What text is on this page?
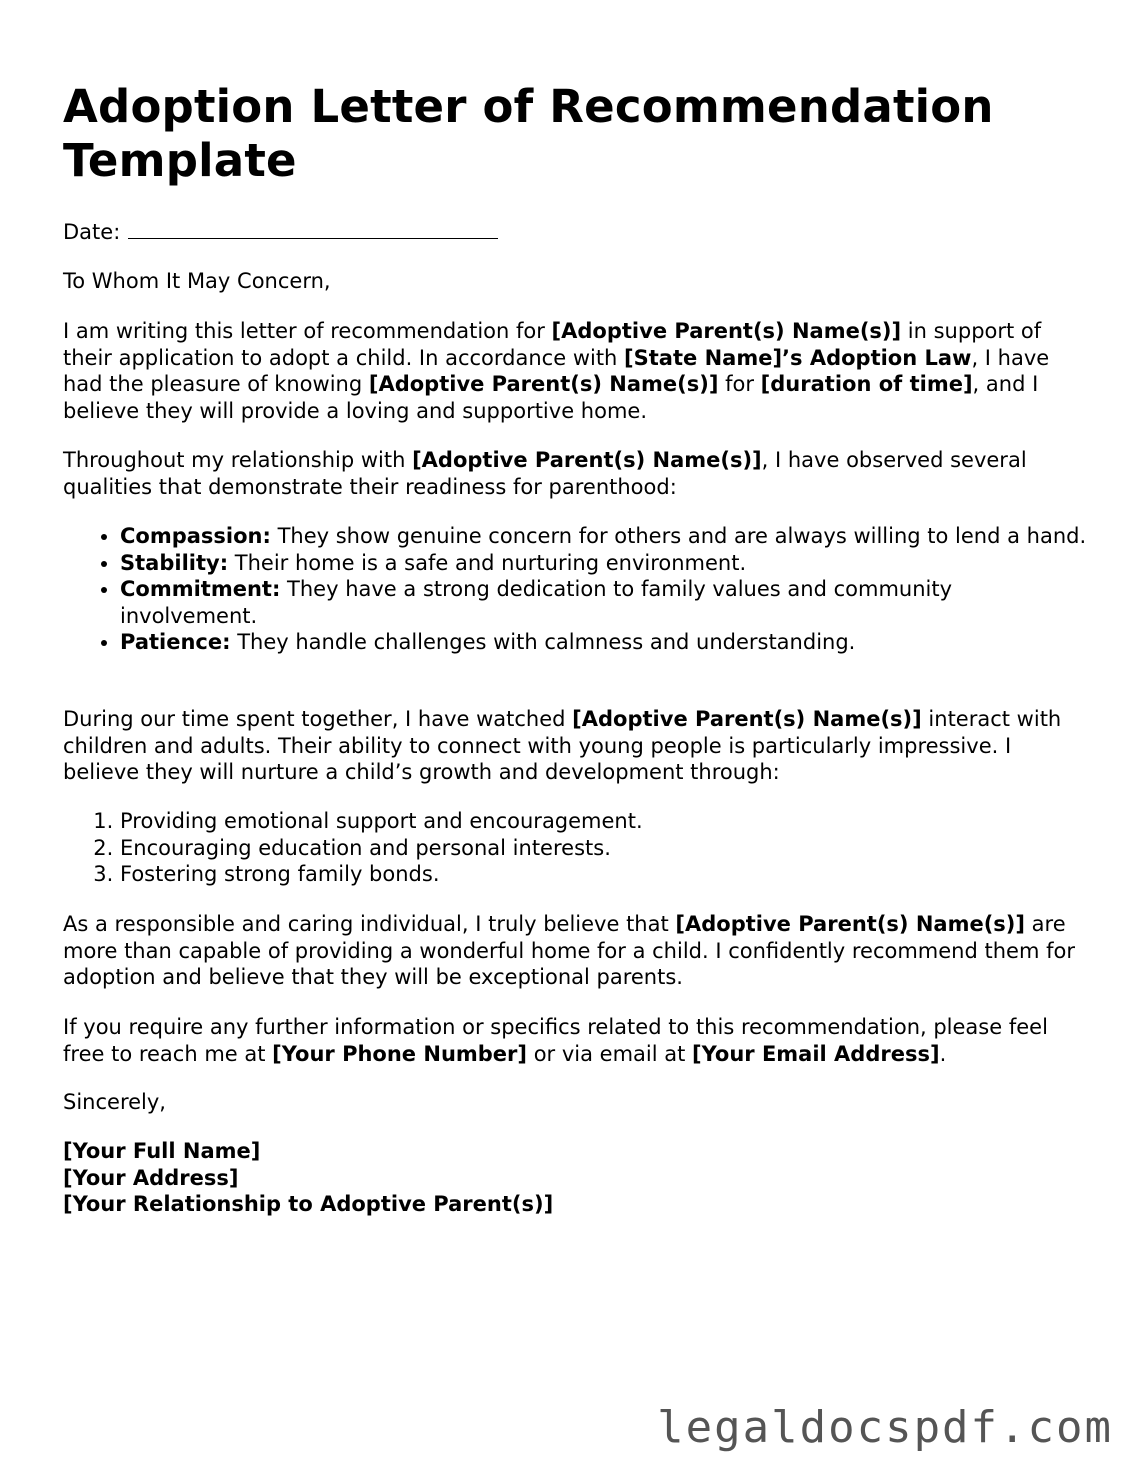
Adoption Letter of Recommendation Template

Date:

To Whom It May Concern,

I am writing this letter of recommendation for [Adoptive Parent(s) Name(s)] in support of their application to adopt a child. In accordance with [State Name]’s Adoption Law, I have had the pleasure of knowing [Adoptive Parent(s) Name(s)] for [duration of time], and I believe they will provide a loving and supportive home.

Throughout my relationship with [Adoptive Parent(s) Name(s)], I have observed several qualities that demonstrate their readiness for parenthood:

• Compassion: They show genuine concern for others and are always willing to lend a hand.
• Stability: Their home is a safe and nurturing environment.
• Commitment: They have a strong dedication to family values and community involvement.
• Patience: They handle challenges with calmness and understanding.

During our time spent together, I have watched [Adoptive Parent(s) Name(s)] interact with children and adults. Their ability to connect with young people is particularly impressive. I believe they will nurture a child’s growth and development through:

1. Providing emotional support and encouragement.
2. Encouraging education and personal interests.
3. Fostering strong family bonds.

As a responsible and caring individual, I truly believe that [Adoptive Parent(s) Name(s)] are more than capable of providing a wonderful home for a child. I confidently recommend them for adoption and believe that they will be exceptional parents.

If you require any further information or specifics related to this recommendation, please feel free to reach me at [Your Phone Number] or via email at [Your Email Address].

Sincerely,

[Your Full Name]
[Your Address]
[Your Relationship to Adoptive Parent(s)]
legaldocspdf.com
